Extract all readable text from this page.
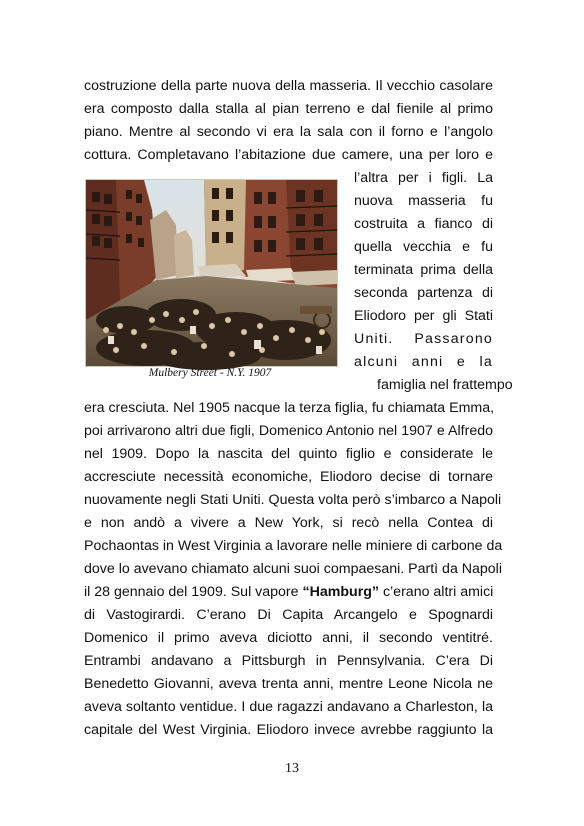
costruzione della parte nuova della masseria. Il vecchio casolare
era composto dalla stalla al pian terreno e dal fienile al primo
piano. Mentre al secondo vi era la sala con il forno e l’angolo
cottura. Completavano l’abitazione due camere, una per loro e
Mulbery Street - N.Y. 1907
l’altra per i figli. La
nuova masseria fu
costruita a fianco di
quella vecchia e fu
terminata prima della
seconda partenza di
Eliodoro per gli Stati
Uniti. Passarono
alcuni anni e la
famiglia nel frattempo
era cresciuta. Nel 1905 nacque la terza figlia, fu chiamata Emma,
poi arrivarono altri due figli, Domenico Antonio nel 1907 e Alfredo
nel 1909. Dopo la nascita del quinto figlio e considerate le
accresciute necessità economiche, Eliodoro decise di tornare
nuovamente negli Stati Uniti. Questa volta però s’imbarco a Napoli
e non andò a vivere a New York, si recò nella Contea di
Pochaontas in West Virginia a lavorare nelle miniere di carbone da
dove lo avevano chiamato alcuni suoi compaesani. Partì da Napoli
il 28 gennaio del 1909. Sul vapore “Hamburg” c’erano altri amici
di Vastogirardi. C’erano Di Capita Arcangelo e Spognardi
Domenico il primo aveva diciotto anni, il secondo ventitré.
Entrambi andavano a Pittsburgh in Pennsylvania. C’era Di
Benedetto Giovanni, aveva trenta anni, mentre Leone Nicola ne
aveva soltanto ventidue. I due ragazzi andavano a Charleston, la
capitale del West Virginia. Eliodoro invece avrebbe raggiunto la
13
